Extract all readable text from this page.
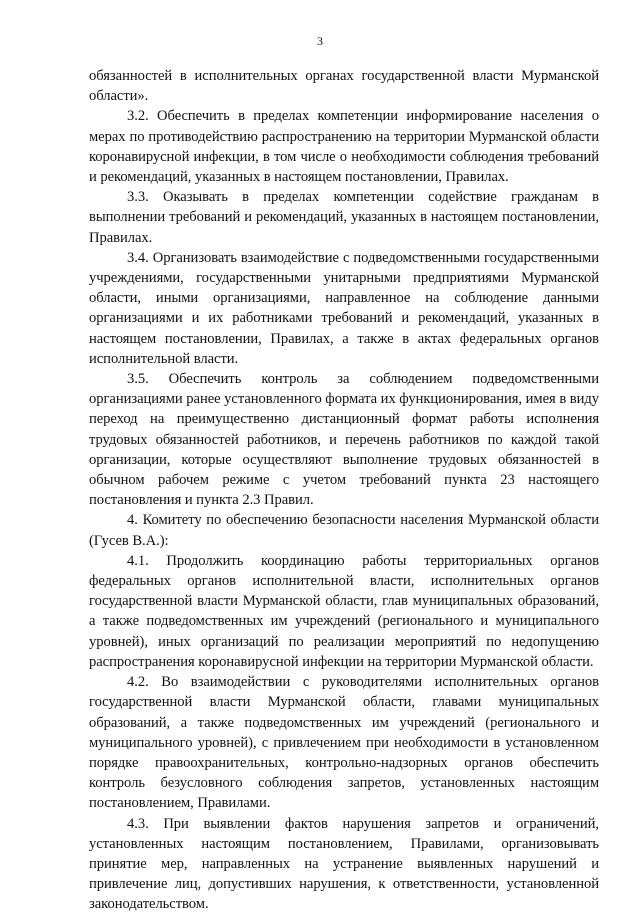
3

обязанностей в исполнительных органах государственной власти Мурманской области».

3.2. Обеспечить в пределах компетенции информирование населения о мерах по противодействию распространению на территории Мурманской области коронавирусной инфекции, в том числе о необходимости соблюдения требований и рекомендаций, указанных в настоящем постановлении, Правилах.

3.3. Оказывать в пределах компетенции содействие гражданам в выполнении требований и рекомендаций, указанных в настоящем постановлении, Правилах.

3.4. Организовать взаимодействие с подведомственными государственными учреждениями, государственными унитарными предприятиями Мурманской области, иными организациями, направленное на соблюдение данными организациями и их работниками требований и рекомендаций, указанных в настоящем постановлении, Правилах, а также в актах федеральных органов исполнительной власти.

3.5. Обеспечить контроль за соблюдением подведомственными организациями ранее установленного формата их функционирования, имея в виду переход на преимущественно дистанционный формат работы исполнения трудовых обязанностей работников, и перечень работников по каждой такой организации, которые осуществляют выполнение трудовых обязанностей в обычном рабочем режиме с учетом требований пункта 23 настоящего постановления и пункта 2.3 Правил.

4. Комитету по обеспечению безопасности населения Мурманской области (Гусев В.А.):

4.1. Продолжить координацию работы территориальных органов федеральных органов исполнительной власти, исполнительных органов государственной власти Мурманской области, глав муниципальных образований, а также подведомственных им учреждений (регионального и муниципального уровней), иных организаций по реализации мероприятий по недопущению распространения коронавирусной инфекции на территории Мурманской области.

4.2. Во взаимодействии с руководителями исполнительных органов государственной власти Мурманской области, главами муниципальных образований, а также подведомственных им учреждений (регионального и муниципального уровней), с привлечением при необходимости в установленном порядке правоохранительных, контрольно-надзорных органов обеспечить контроль безусловного соблюдения запретов, установленных настоящим постановлением, Правилами.

4.3. При выявлении фактов нарушения запретов и ограничений, установленных настоящим постановлением, Правилами, организовывать принятие мер, направленных на устранение выявленных нарушений и привлечение лиц, допустивших нарушения, к ответственности, установленной законодательством.
